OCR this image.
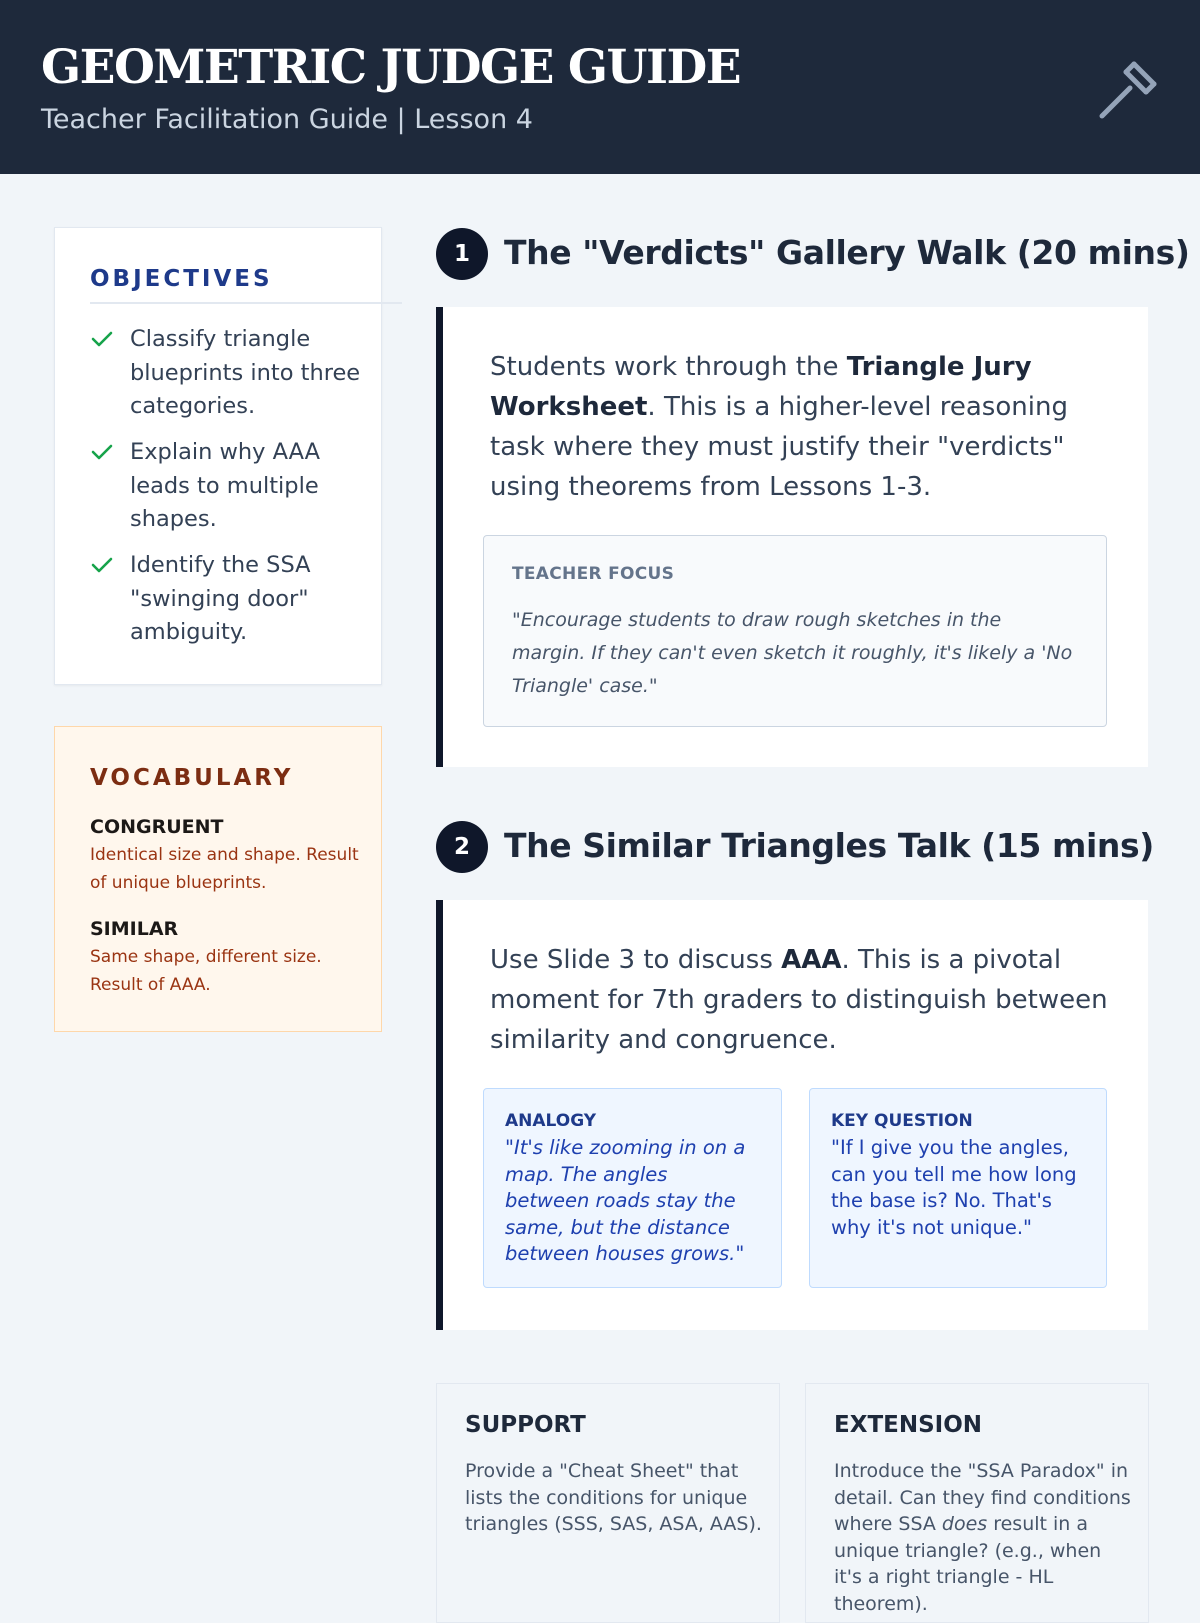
GEOMETRIC JUDGE GUIDE
Teacher Facilitation Guide | Lesson 4
OBJECTIVES
Classify triangle blueprints into three categories.
Explain why AAA leads to multiple shapes.
Identify the SSA "swinging door" ambiguity.
VOCABULARY
CONGRUENT
Identical size and shape. Result of unique blueprints.
SIMILAR
Same shape, different size. Result of AAA.
1	The "Verdicts" Gallery Walk (20 mins)
Students work through the Triangle Jury Worksheet. This is a higher-level reasoning task where they must justify their "verdicts" using theorems from Lessons 1-3.
TEACHER FOCUS
"Encourage students to draw rough sketches in the margin. If they can't even sketch it roughly, it's likely a 'No Triangle' case."
2	The Similar Triangles Talk (15 mins)
Use Slide 3 to discuss AAA. This is a pivotal moment for 7th graders to distinguish between similarity and congruence.
ANALOGY
"It's like zooming in on a map. The angles between roads stay the same, but the distance between houses grows."
KEY QUESTION
"If I give you the angles, can you tell me how long the base is? No. That's why it's not unique."
SUPPORT
Provide a "Cheat Sheet" that lists the conditions for unique triangles (SSS, SAS, ASA, AAS).
EXTENSION
Introduce the "SSA Paradox" in detail. Can they find conditions where SSA does result in a unique triangle? (e.g., when it's a right triangle - HL theorem).
